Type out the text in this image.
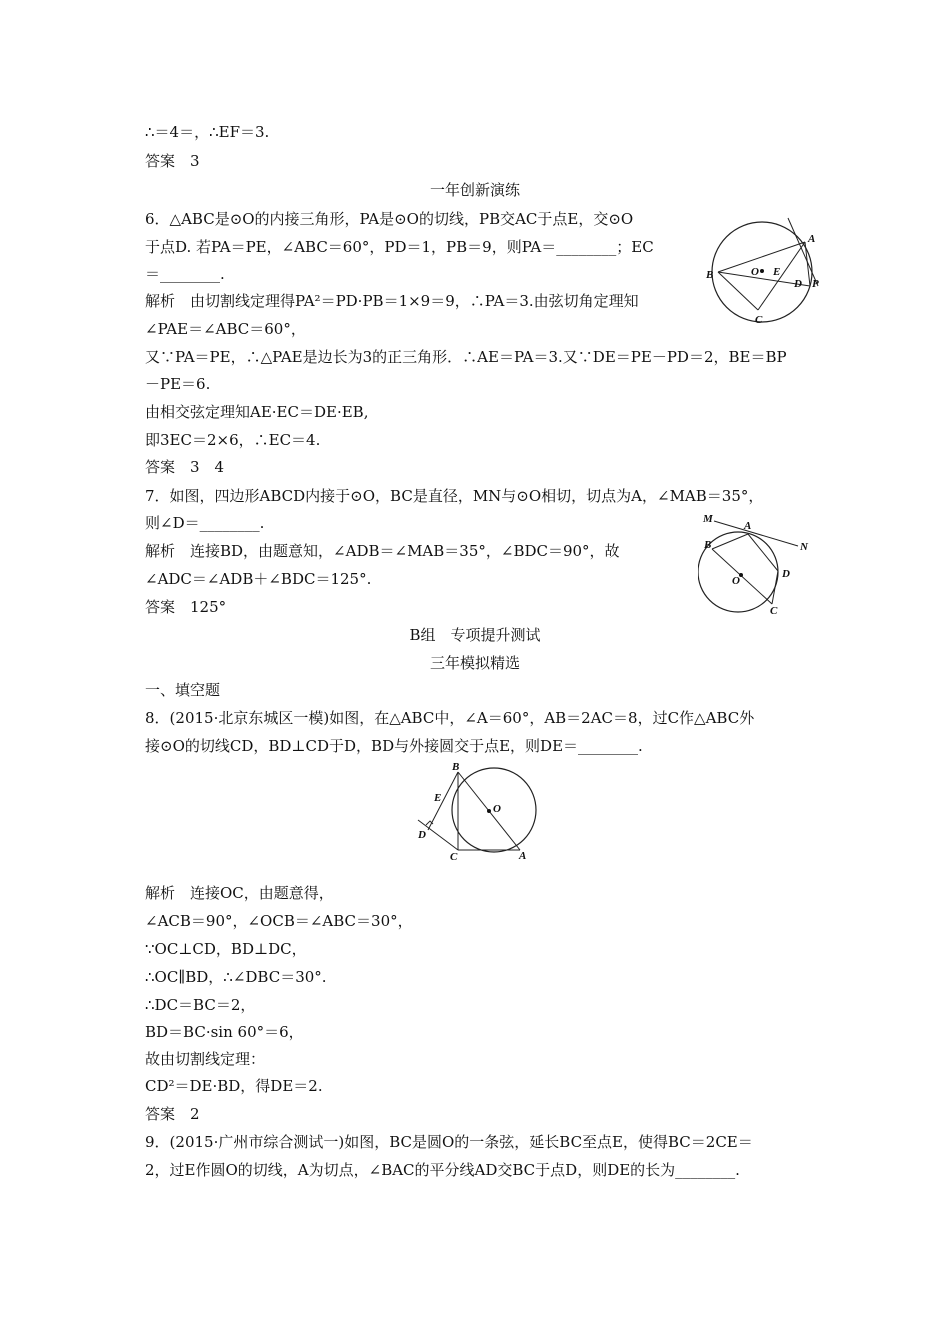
∴＝4＝，∴EF＝3.
答案　3
一年创新演练
6．△ABC是⊙O的内接三角形，PA是⊙O的切线，PB交AC于点E，交⊙O
于点D. 若PA＝PE，∠ABC＝60°，PD＝1，PB＝9，则PA＝________；EC
＝________.
解析　由切割线定理得PA²＝PD·PB＝1×9＝9，∴PA＝3.由弦切角定理知
∠PAE＝∠ABC＝60°，
又∵PA＝PE，∴△PAE是边长为3的正三角形．∴AE＝PA＝3.又∵DE＝PE－PD＝2，BE＝BP
－PE＝6.
由相交弦定理知AE·EC＝DE·EB,
即3EC＝2×6，∴EC＝4.
答案　3　4
7．如图，四边形ABCD内接于⊙O，BC是直径，MN与⊙O相切，切点为A，∠MAB＝35°，
则∠D＝________.
解析　连接BD，由题意知，∠ADB＝∠MAB＝35°，∠BDC＝90°，故
∠ADC＝∠ADB＋∠BDC＝125°.
答案　125°
B组　专项提升测试
三年模拟精选
一、填空题
8．(2015·北京东城区一模)如图，在△ABC中，∠A＝60°，AB＝2AC＝8，过C作△ABC外
接⊙O的切线CD，BD⊥CD于D，BD与外接圆交于点E，则DE＝________.
解析　连接OC，由题意得，
∠ACB＝90°，∠OCB＝∠ABC＝30°，
∵OC⊥CD，BD⊥DC，
∴OC∥BD，∴∠DBC＝30°.
∴DC＝BC＝2，
BD＝BC·sin 60°＝6，
故由切割线定理：
CD²＝DE·BD，得DE＝2.
答案　2
9．(2015·广州市综合测试一)如图，BC是圆O的一条弦，延长BC至点E，使得BC＝2CE＝
2，过E作圆O的切线，A为切点，∠BAC的平分线AD交BC于点D，则DE的长为________.
A
B	O E
D P
C
M
A
N
B
O
D
C
B
E
O
D
C	A
